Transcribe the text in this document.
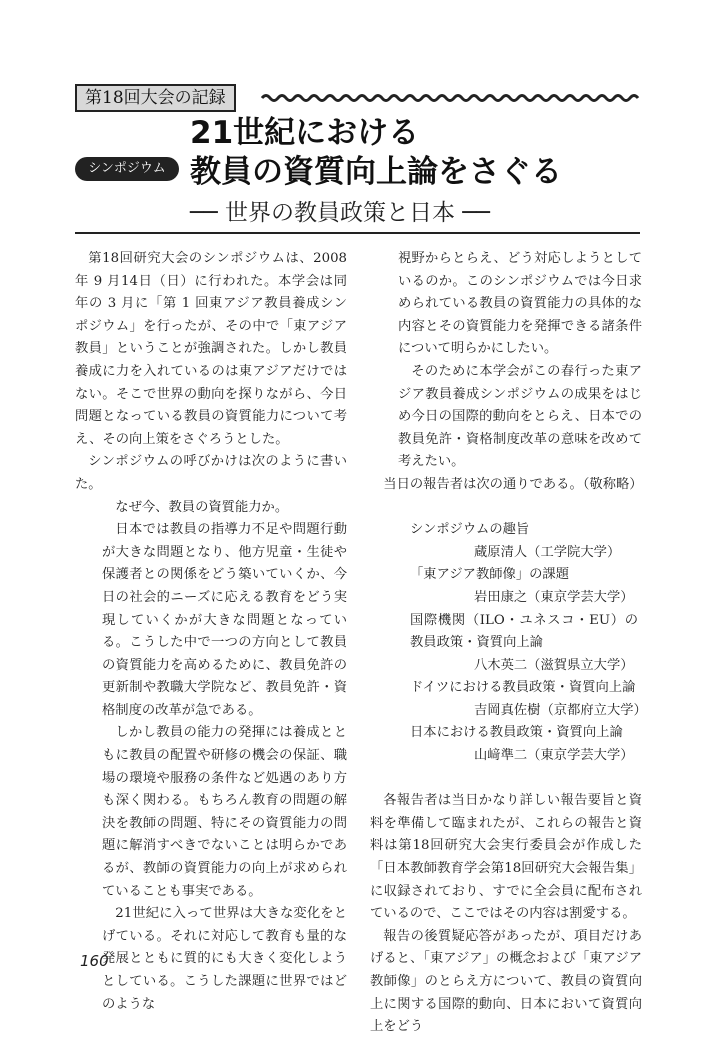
第18回大会の記録
シンポジウム
21世紀における
教員の資質向上論をさぐる
── 世界の教員政策と日本 ──

第18回研究大会のシンポジウムは、2008年 9 月14日（日）に行われた。本学会は同年の 3 月に「第 1 回東アジア教員養成シンポジウム」を行ったが、その中で「東アジア教員」ということが強調された。しかし教員養成に力を入れているのは東アジアだけではない。そこで世界の動向を探りながら、今日問題となっている教員の資質能力について考え、その向上策をさぐろうとした。

シンポジウムの呼びかけは次のように書いた。

なぜ今、教員の資質能力か。

日本では教員の指導力不足や問題行動が大きな問題となり、他方児童・生徒や保護者との関係をどう築いていくか、今日の社会的ニーズに応える教育をどう実現していくかが大きな問題となっている。こうした中で一つの方向として教員の資質能力を高めるために、教員免許の更新制や教職大学院など、教員免許・資格制度の改革が急である。

しかし教員の能力の発揮には養成とともに教員の配置や研修の機会の保証、職場の環境や服務の条件など処遇のあり方も深く関わる。もちろん教育の問題の解決を教師の問題、特にその資質能力の問題に解消すべきでないことは明らかであるが、教師の資質能力の向上が求められていることも事実である。

21世紀に入って世界は大きな変化をとげている。それに対応して教育も量的な発展とともに質的にも大きく変化しようとしている。こうした課題に世界ではどのような

視野からとらえ、どう対応しようとしているのか。このシンポジウムでは今日求められている教員の資質能力の具体的な内容とその資質能力を発揮できる諸条件について明らかにしたい。

そのために本学会がこの春行った東アジア教員養成シンポジウムの成果をはじめ今日の国際的動向をとらえ、日本での教員免許・資格制度改革の意味を改めて考えたい。

当日の報告者は次の通りである。（敬称略）

シンポジウムの趣旨

蔵原清人（工学院大学）

「東アジア教師像」の課題

岩田康之（東京学芸大学）

国際機関（ILO・ユネスコ・EU）の教員政策・資質向上論

八木英二（滋賀県立大学）

ドイツにおける教員政策・資質向上論

吉岡真佐樹（京都府立大学）

日本における教員政策・資質向上論

山﨑準二（東京学芸大学）

各報告者は当日かなり詳しい報告要旨と資料を準備して臨まれたが、これらの報告と資料は第18回研究大会実行委員会が作成した「日本教師教育学会第18回研究大会報告集」に収録されており、すでに全会員に配布されているので、ここではその内容は割愛する。

報告の後質疑応答があったが、項目だけあげると、「東アジア」の概念および「東アジア教師像」のとらえ方について、教員の資質向上に関する国際的動向、日本において資質向上をどう

160
